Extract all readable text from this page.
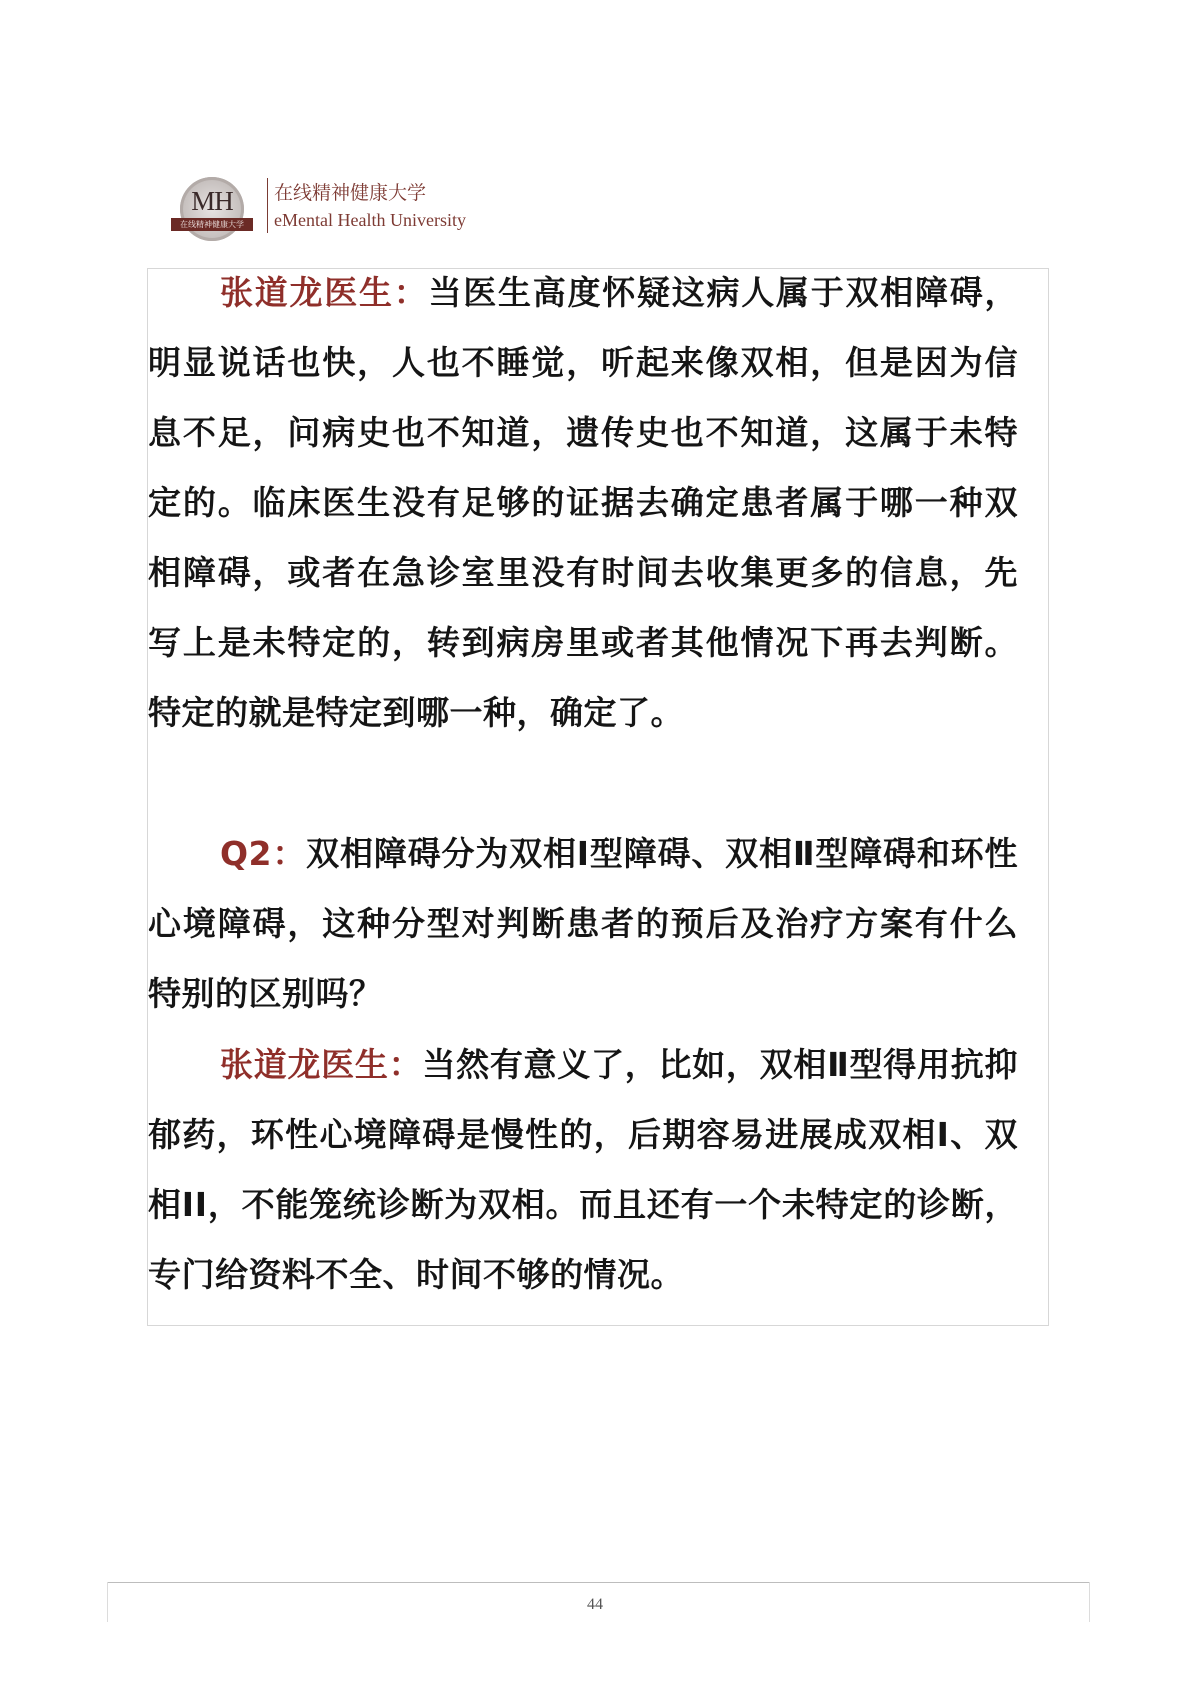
MH
在线精神健康大学
在线精神健康大学
eMental Health University

张道龙医生：当医生高度怀疑这病人属于双相障碍，明显说话也快，人也不睡觉，听起来像双相，但是因为信息不足，问病史也不知道，遗传史也不知道，这属于未特定的。临床医生没有足够的证据去确定患者属于哪一种双相障碍，或者在急诊室里没有时间去收集更多的信息，先写上是未特定的，转到病房里或者其他情况下再去判断。特定的就是特定到哪一种，确定了。

Q2：双相障碍分为双相Ⅰ型障碍、双相Ⅱ型障碍和环性心境障碍，这种分型对判断患者的预后及治疗方案有什么特别的区别吗？

张道龙医生：当然有意义了，比如，双相Ⅱ型得用抗抑郁药，环性心境障碍是慢性的，后期容易进展成双相Ⅰ、双相ⅠⅠ，不能笼统诊断为双相。而且还有一个未特定的诊断，专门给资料不全、时间不够的情况。

44
